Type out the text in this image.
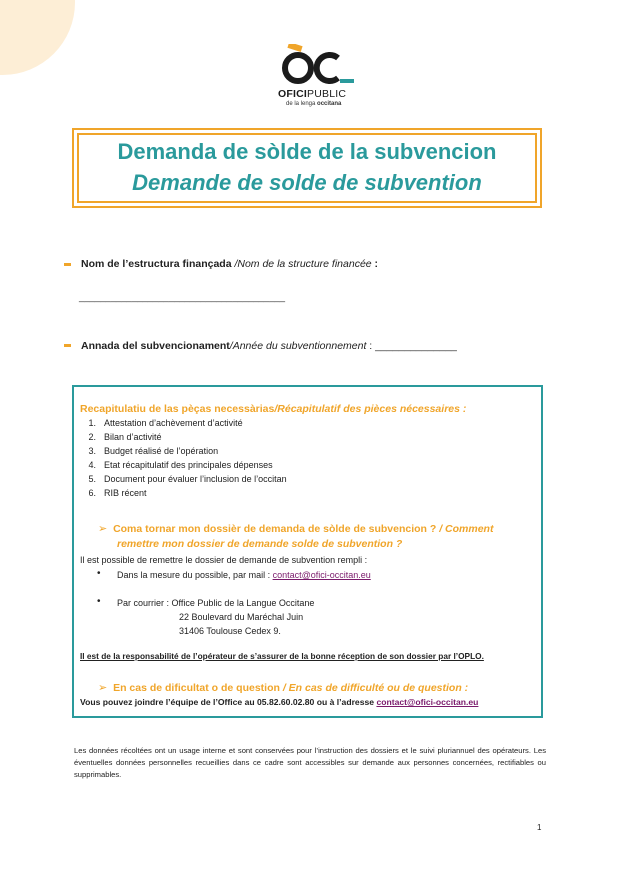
OFICIPUBLIC
de la lenga occitana
Demanda de sòlde de la subvencion
Demande de solde de subvention
Nom de l’estructura finançada /Nom de la structure financée :
_______________________________________
Annada del subvencionament/Année du subventionnement : ______________
Recapitulatiu de las pèças necessàrias/Récapitulatif des pièces nécessaires :
1. Attestation d’achèvement d’activité
2. Bilan d’activité
3. Budget réalisé de l’opération
4. Etat récapitulatif des principales dépenses
5. Document pour évaluer l’inclusion de l’occitan
6. RIB récent
➢ Coma tornar mon dossièr de demanda de sòlde de subvencion ? / Comment
remettre mon dossier de demande solde de subvention ?
Il est possible de remettre le dossier de demande de subvention rempli :
• Dans la mesure du possible, par mail : contact@ofici-occitan.eu
• Par courrier : Office Public de la Langue Occitane
22 Boulevard du Maréchal Juin
31406 Toulouse Cedex 9.
Il est de la responsabilité de l’opérateur de s’assurer de la bonne réception de son dossier par l’OPLO.
➢ En cas de dificultat o de question / En cas de difficulté ou de question :
Vous pouvez joindre l’équipe de l’Office au 05.82.60.02.80 ou à l’adresse contact@ofici-occitan.eu
Les données récoltées ont un usage interne et sont conservées pour l’instruction des dossiers et le suivi pluriannuel des opérateurs. Les éventuelles données personnelles recueillies dans ce cadre sont accessibles sur demande aux personnes concernées, rectifiables ou supprimables.
1
